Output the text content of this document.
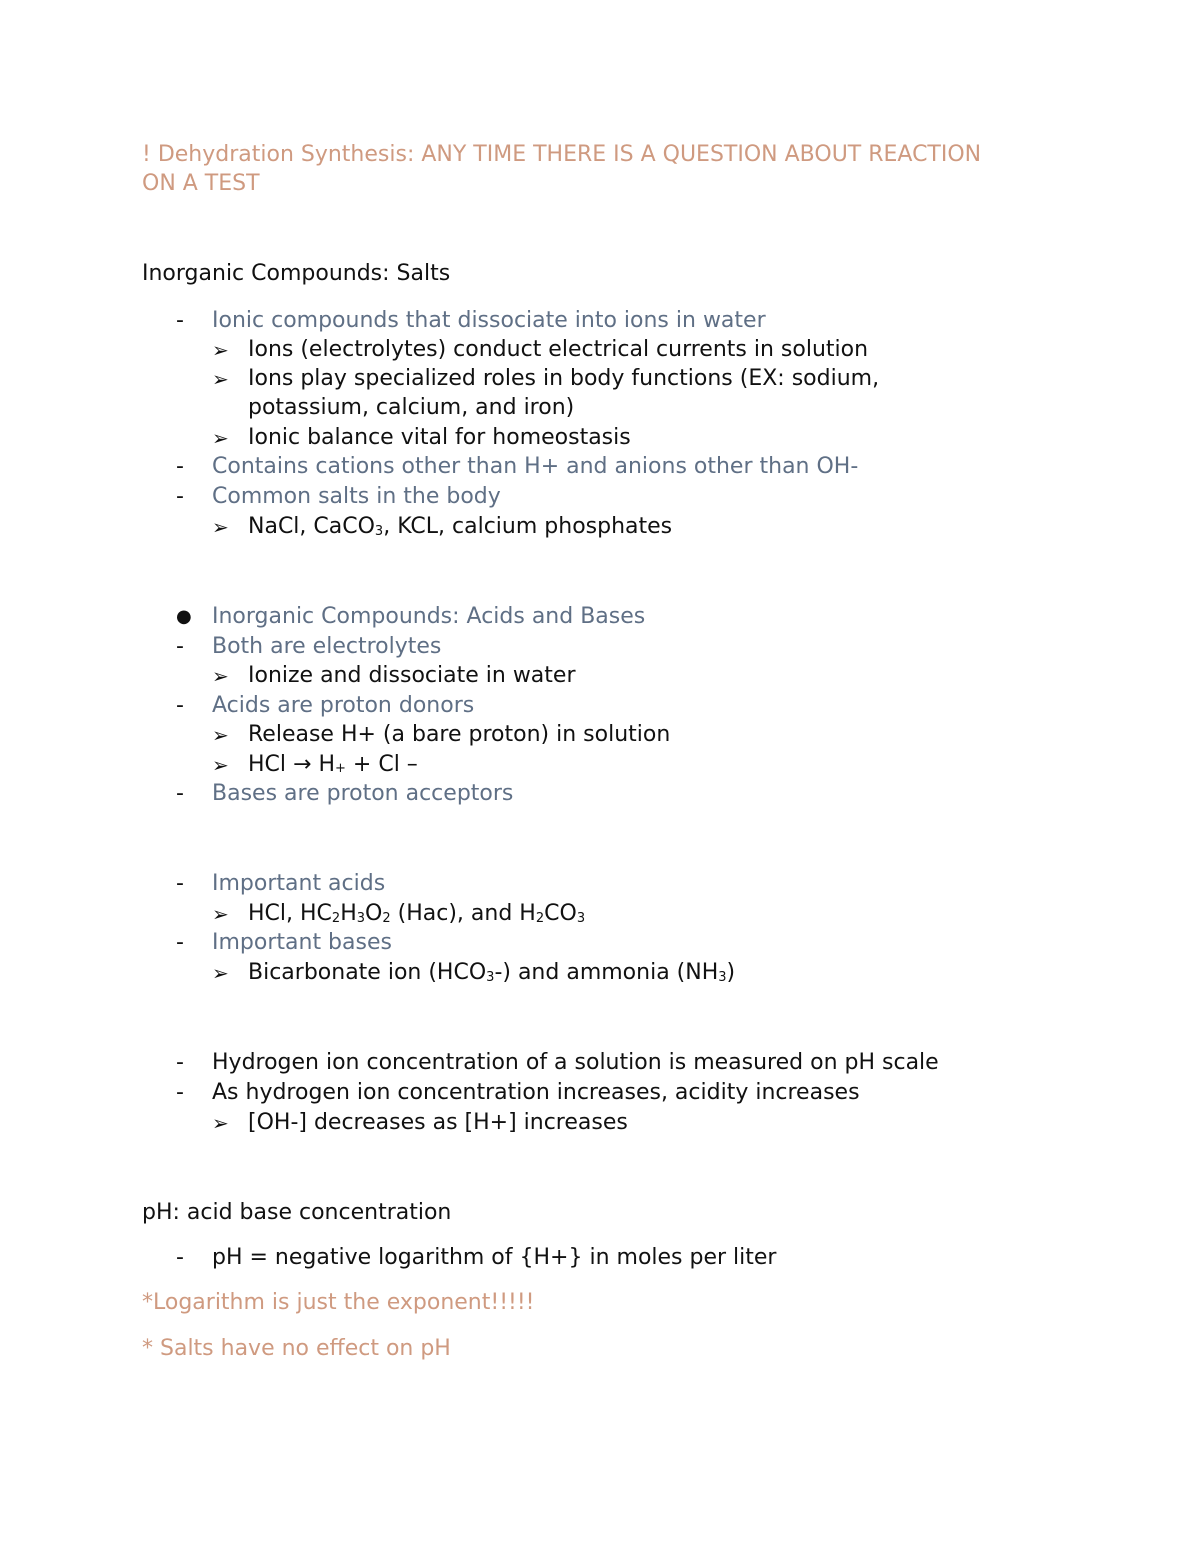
! Dehydration Synthesis: ANY TIME THERE IS A QUESTION ABOUT REACTION
ON A TEST
Inorganic Compounds: Salts
- Ionic compounds that dissociate into ions in water
➢ Ions (electrolytes) conduct electrical currents in solution
➢ Ions play specialized roles in body functions (EX: sodium,
potassium, calcium, and iron)
➢ Ionic balance vital for homeostasis
- Contains cations other than H+ and anions other than OH-
- Common salts in the body
➢ NaCl, CaCO3, KCL, calcium phosphates
● Inorganic Compounds: Acids and Bases
- Both are electrolytes
➢ Ionize and dissociate in water
- Acids are proton donors
➢ Release H+ (a bare proton) in solution
➢ HCl → H+ + Cl –
- Bases are proton acceptors
- Important acids
➢ HCl, HC2H3O2 (Hac), and H2CO3
- Important bases
➢ Bicarbonate ion (HCO3-) and ammonia (NH3)
- Hydrogen ion concentration of a solution is measured on pH scale
- As hydrogen ion concentration increases, acidity increases
➢ [OH-] decreases as [H+] increases
pH: acid base concentration
- pH = negative logarithm of {H+} in moles per liter
*Logarithm is just the exponent!!!!!
* Salts have no effect on pH
